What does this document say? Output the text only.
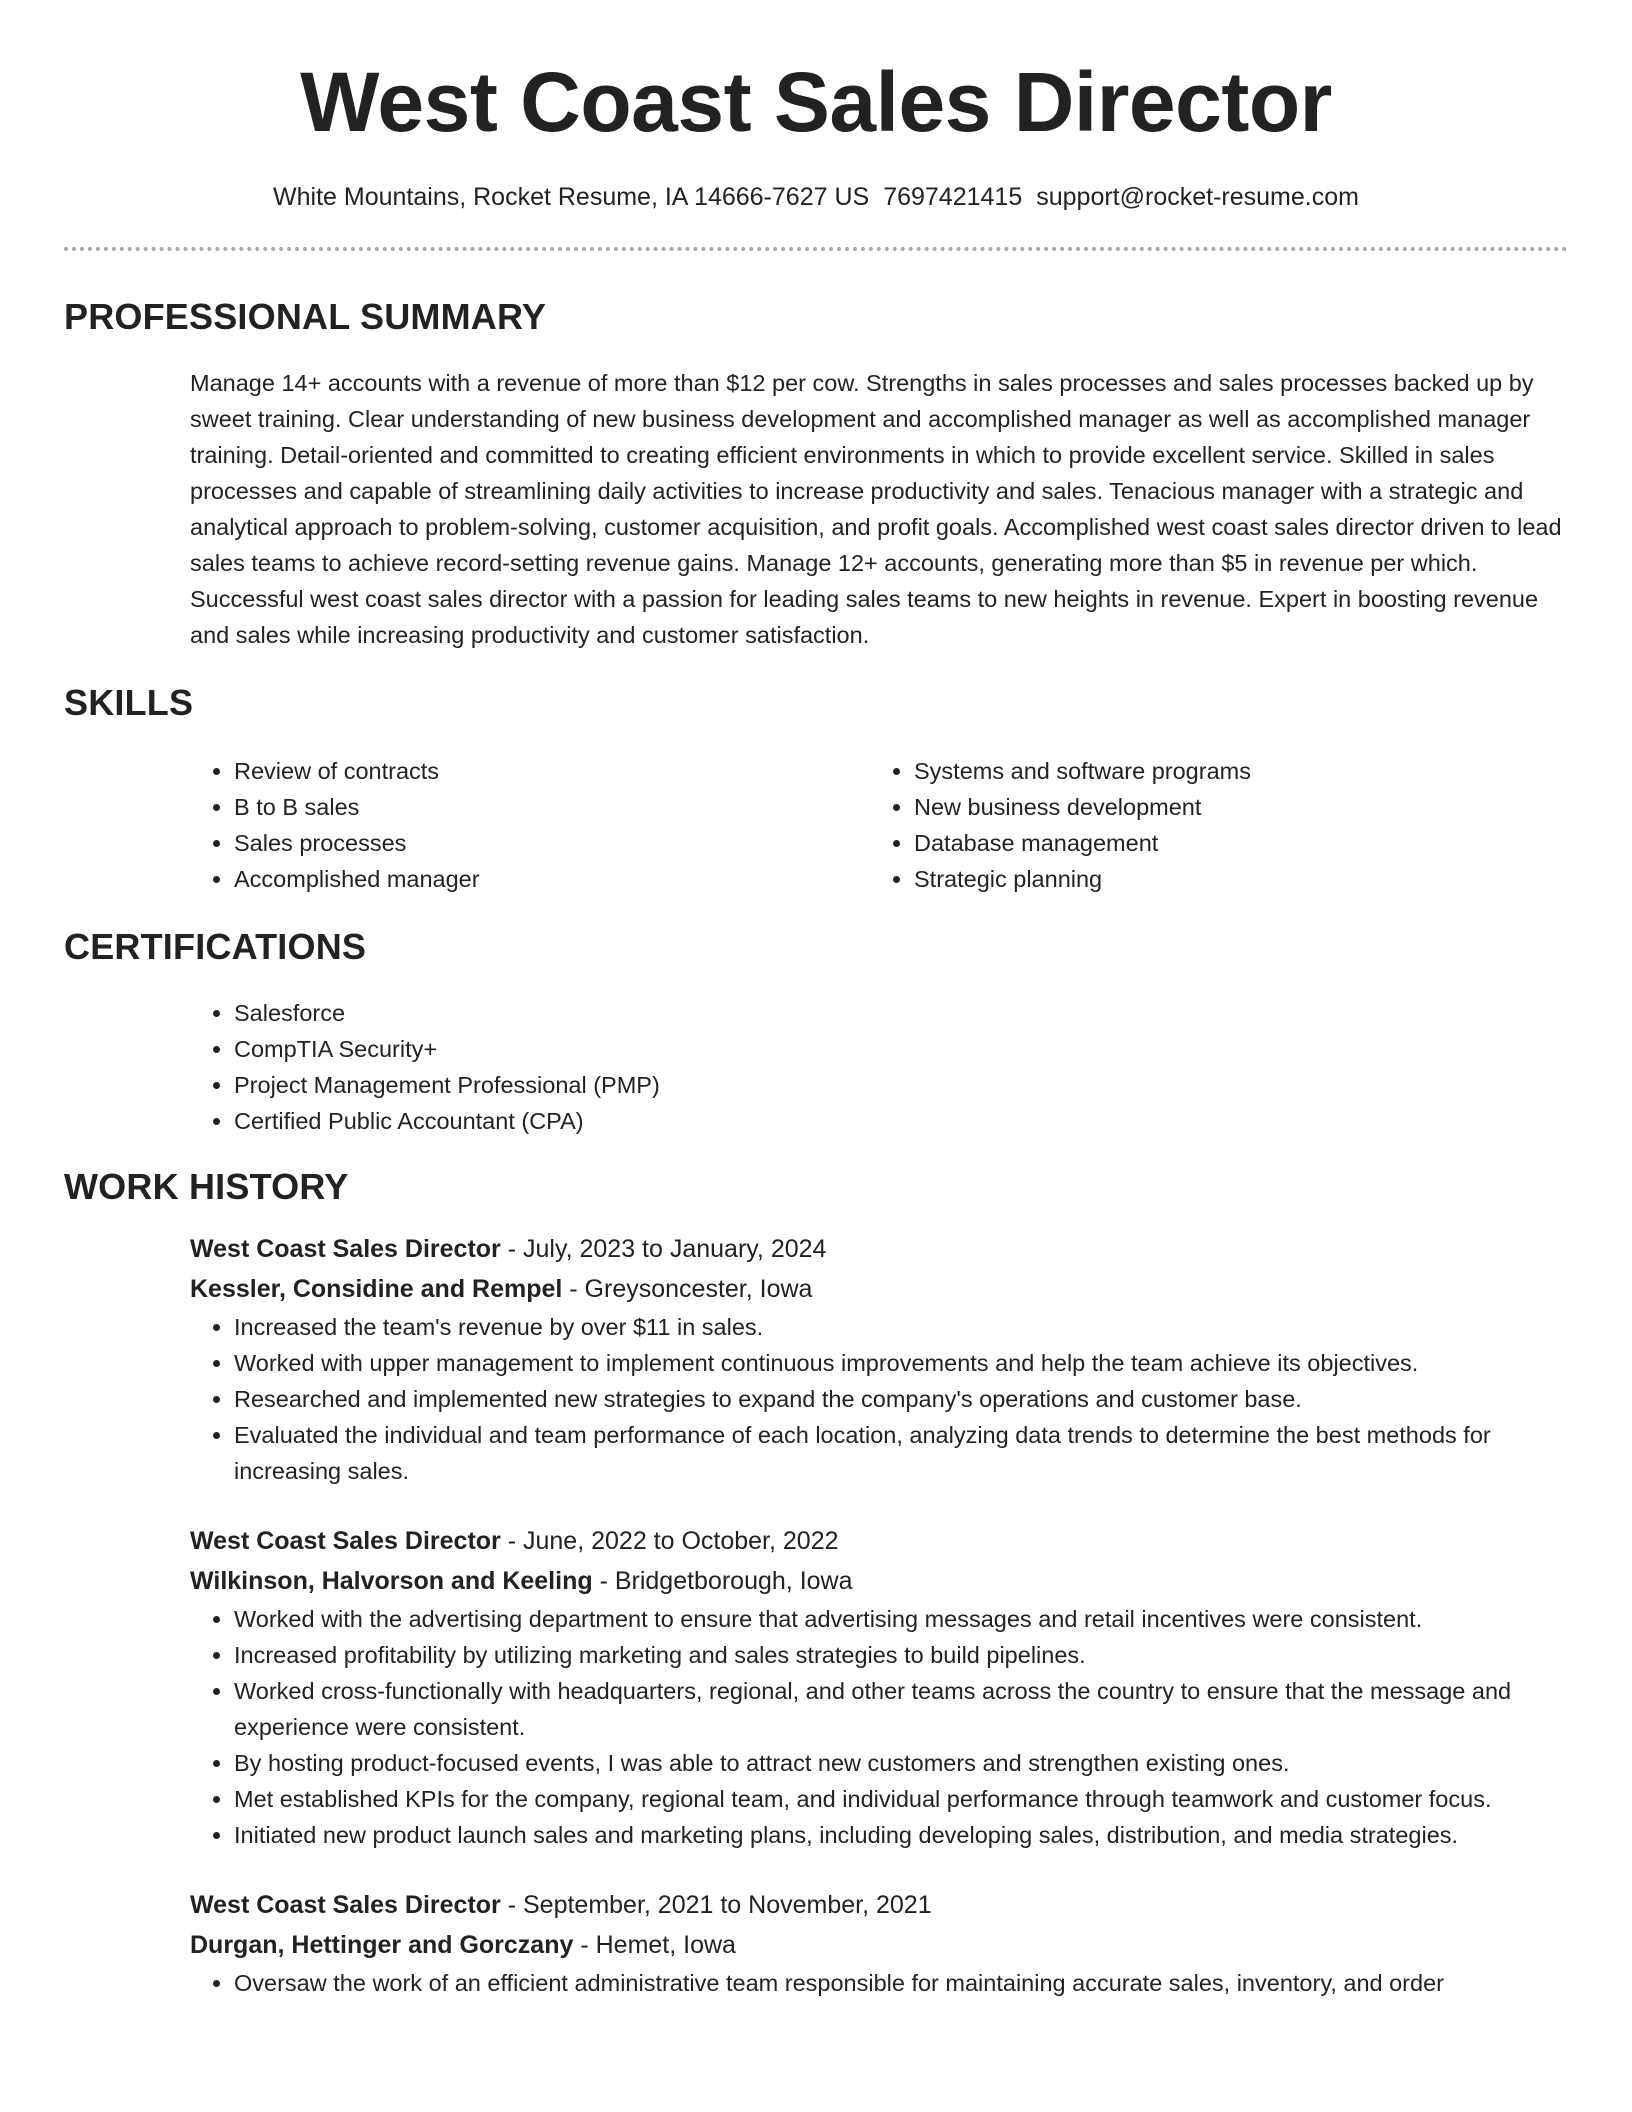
West Coast Sales Director
White Mountains, Rocket Resume, IA 14666-7627 US 7697421415 support@rocket-resume.com
PROFESSIONAL SUMMARY

Manage 14+ accounts with a revenue of more than $12 per cow. Strengths in sales processes and sales processes backed up by sweet training. Clear understanding of new business development and accomplished manager as well as accomplished manager training. Detail-oriented and committed to creating efficient environments in which to provide excellent service. Skilled in sales processes and capable of streamlining daily activities to increase productivity and sales. Tenacious manager with a strategic and analytical approach to problem-solving, customer acquisition, and profit goals. Accomplished west coast sales director driven to lead sales teams to achieve record-setting revenue gains. Manage 12+ accounts, generating more than $5 in revenue per which. Successful west coast sales director with a passion for leading sales teams to new heights in revenue. Expert in boosting revenue and sales while increasing productivity and customer satisfaction.

SKILLS
• Review of contracts
• B to B sales
• Sales processes
• Accomplished manager
• Systems and software programs
• New business development
• Database management
• Strategic planning
CERTIFICATIONS
• Salesforce
• CompTIA Security+
• Project Management Professional (PMP)
• Certified Public Accountant (CPA)
WORK HISTORY
West Coast Sales Director - July, 2023 to January, 2024
Kessler, Considine and Rempel - Greysoncester, Iowa
• Increased the team's revenue by over $11 in sales.
• Worked with upper management to implement continuous improvements and help the team achieve its objectives.
• Researched and implemented new strategies to expand the company's operations and customer base.
• Evaluated the individual and team performance of each location, analyzing data trends to determine the best methods for increasing sales.
West Coast Sales Director - June, 2022 to October, 2022
Wilkinson, Halvorson and Keeling - Bridgetborough, Iowa
• Worked with the advertising department to ensure that advertising messages and retail incentives were consistent.
• Increased profitability by utilizing marketing and sales strategies to build pipelines.
• Worked cross-functionally with headquarters, regional, and other teams across the country to ensure that the message and experience were consistent.
• By hosting product-focused events, I was able to attract new customers and strengthen existing ones.
• Met established KPIs for the company, regional team, and individual performance through teamwork and customer focus.
• Initiated new product launch sales and marketing plans, including developing sales, distribution, and media strategies.
West Coast Sales Director - September, 2021 to November, 2021
Durgan, Hettinger and Gorczany - Hemet, Iowa
• Oversaw the work of an efficient administrative team responsible for maintaining accurate sales, inventory, and order
